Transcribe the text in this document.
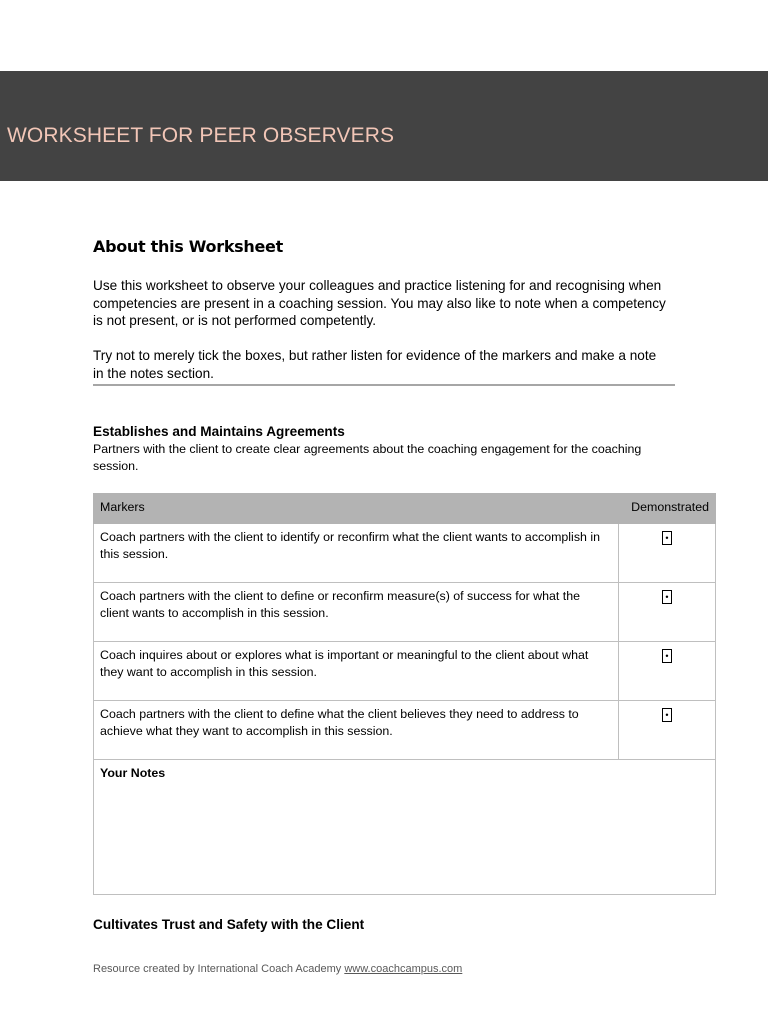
WORKSHEET FOR PEER OBSERVERS
About this Worksheet
Use this worksheet to observe your colleagues and practice listening for and recognising when competencies are present in a coaching session. You may also like to note when a competency is not present, or is not performed competently.
Try not to merely tick the boxes, but rather listen for evidence of the markers and make a note in the notes section.
Establishes and Maintains Agreements
Partners with the client to create clear agreements about the coaching engagement for the coaching session.
Markers	Demonstrated
Coach partners with the client to identify or reconfirm what the client wants to accomplish in this session.	•
Coach partners with the client to define or reconfirm measure(s) of success for what the client wants to accomplish in this session.	•
Coach inquires about or explores what is important or meaningful to the client about what they want to accomplish in this session.	•
Coach partners with the client to define what the client believes they need to address to achieve what they want to accomplish in this session.	•
Your Notes	
Cultivates Trust and Safety with the Client
Resource created by International Coach Academy www.coachcampus.com
